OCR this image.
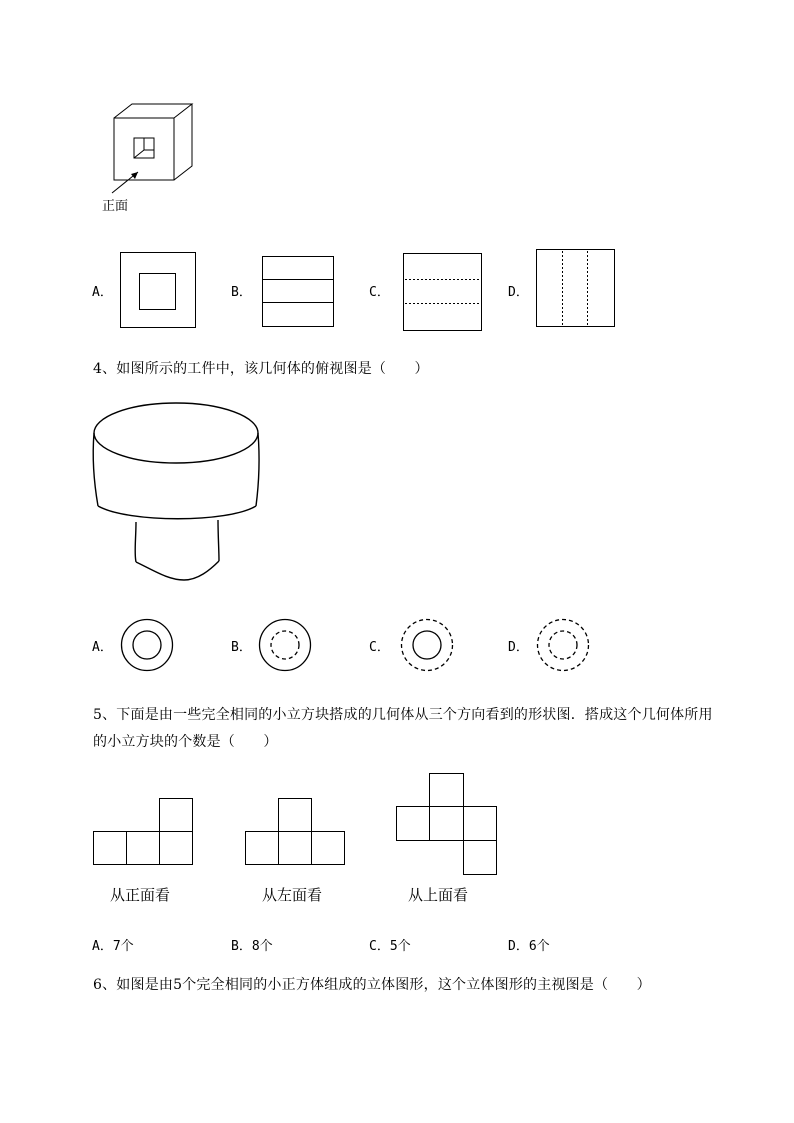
正面
A．	B．	C．	D．
4、如图所示的工件中，该几何体的俯视图是（　　）
A．	B．	C．	D．
5、下面是由一些完全相同的小立方块搭成的几何体从三个方向看到的形状图．搭成这个几何体所用
的小立方块的个数是（　　）
从正面看	从左面看	从上面看
A．7个	B．8个	C．5个	D．6个
6、如图是由5个完全相同的小正方体组成的立体图形，这个立体图形的主视图是（　　）
